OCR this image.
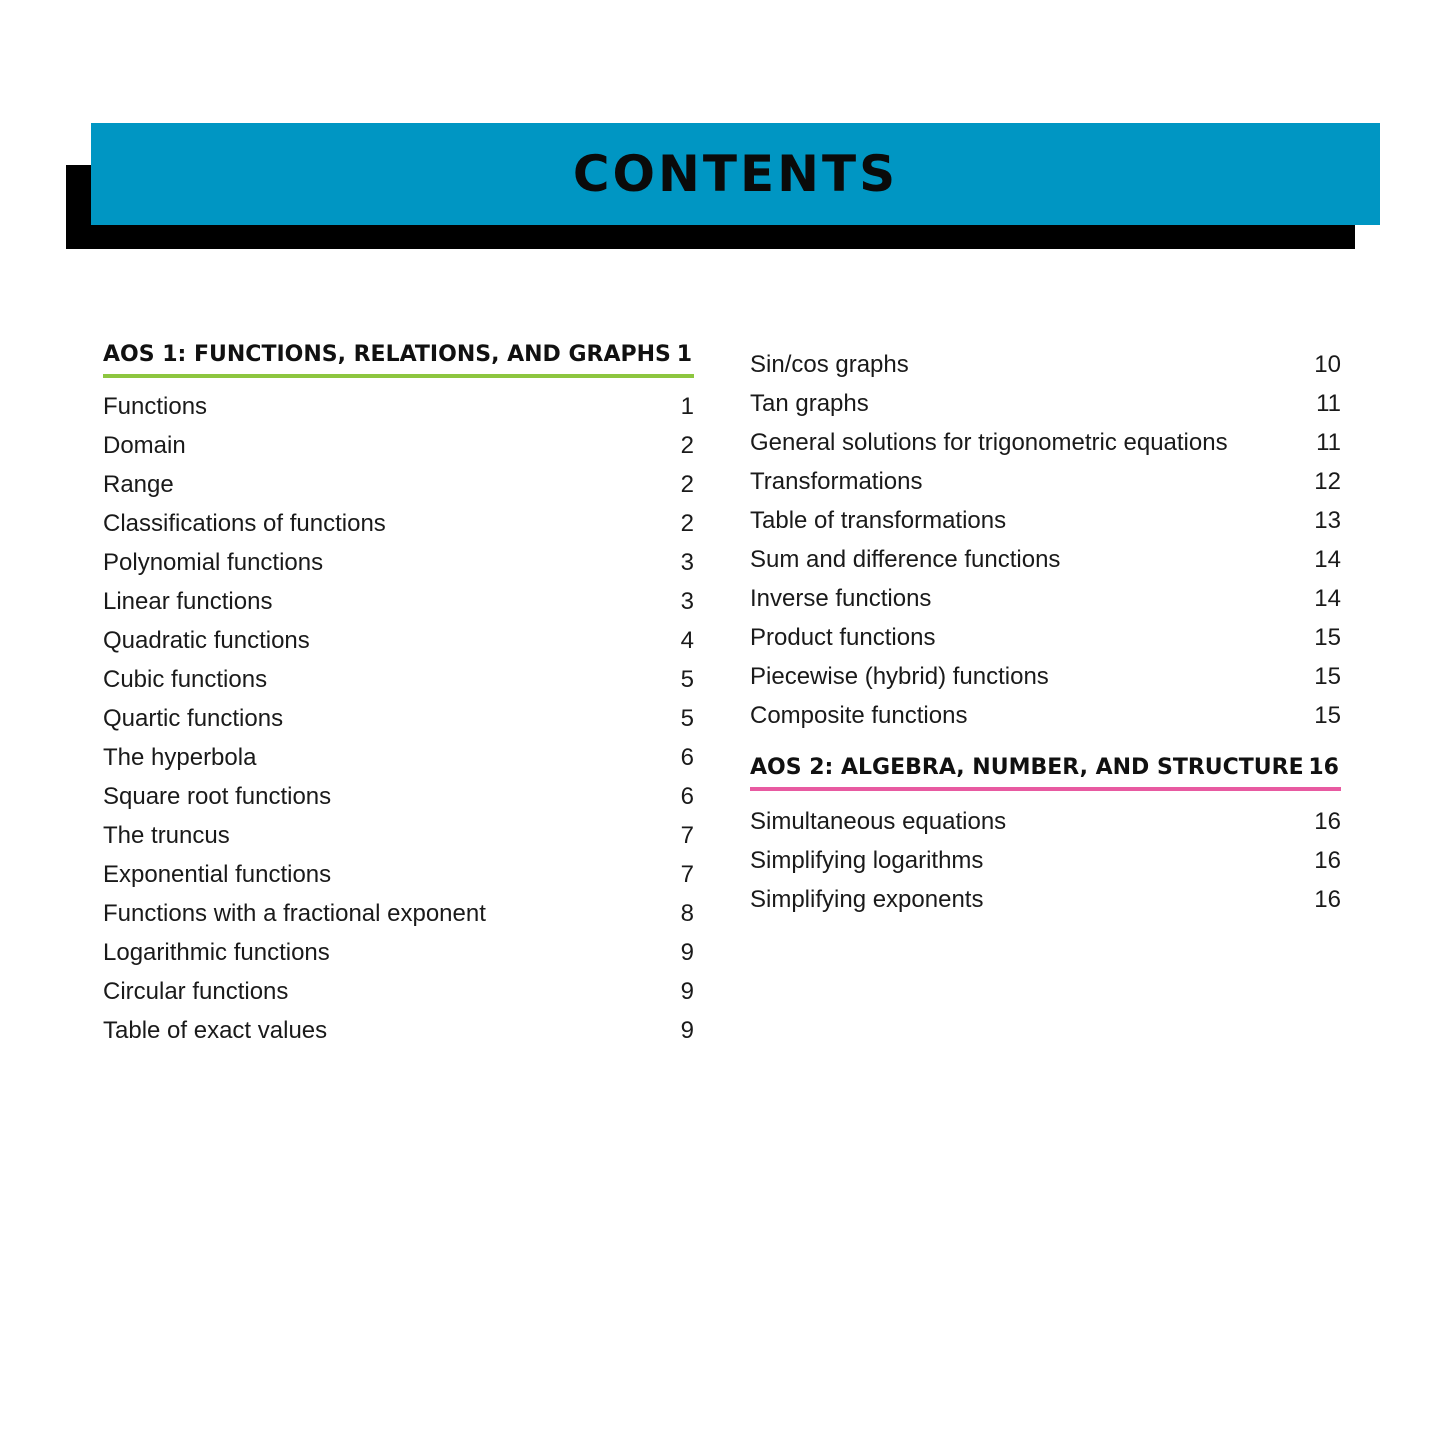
CONTENTS
AOS 1: FUNCTIONS, RELATIONS, AND GRAPHS 1
Functions	1
Domain	2
Range	2
Classifications of functions	2
Polynomial functions	3
Linear functions	3
Quadratic functions	4
Cubic functions	5
Quartic functions	5
The hyperbola	6
Square root functions	6
The truncus	7
Exponential functions	7
Functions with a fractional exponent	8
Logarithmic functions	9
Circular functions	9
Table of exact values	9
Sin/cos graphs	10
Tan graphs	11
General solutions for trigonometric equations	11
Transformations	12
Table of transformations	13
Sum and difference functions	14
Inverse functions	14
Product functions	15
Piecewise (hybrid) functions	15
Composite functions	15
AOS 2: ALGEBRA, NUMBER, AND STRUCTURE 16
Simultaneous equations	16
Simplifying logarithms	16
Simplifying exponents	16
